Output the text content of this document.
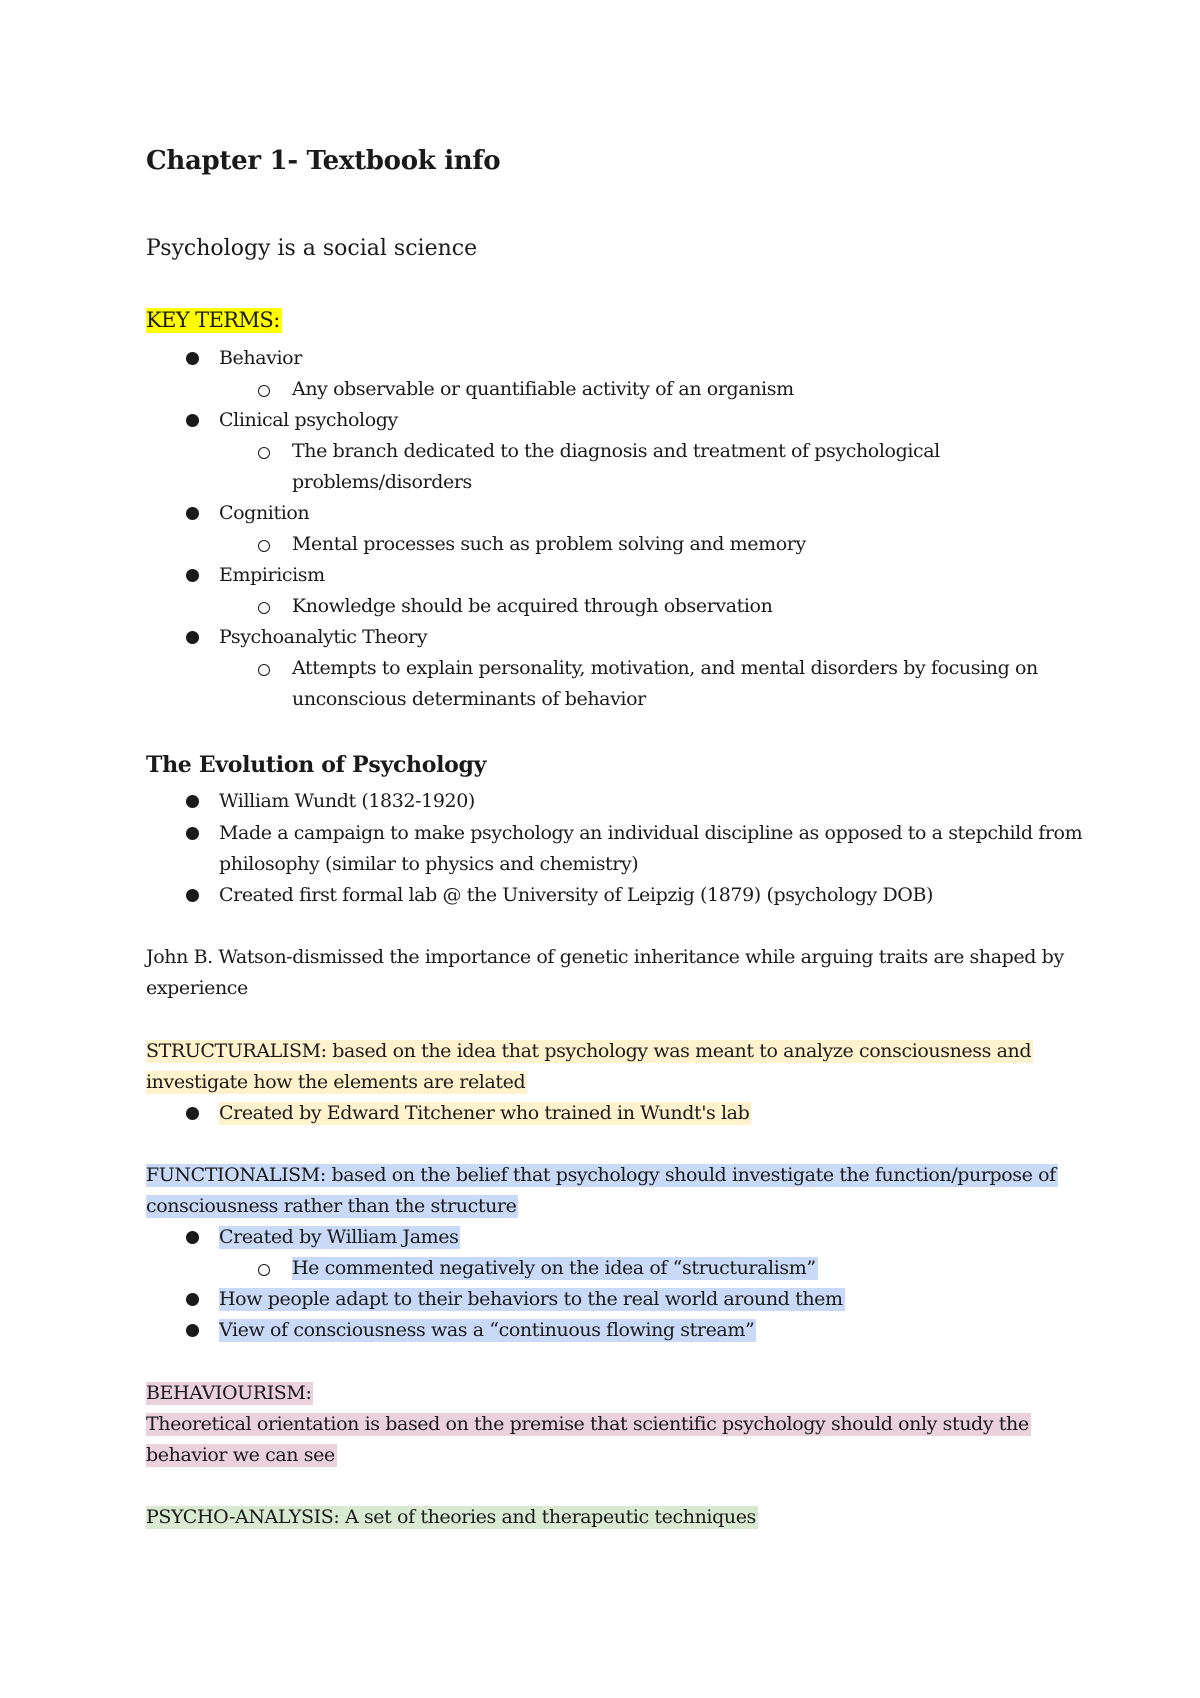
Chapter 1- Textbook info
Psychology is a social science
KEY TERMS:
Behavior
Any observable or quantifiable activity of an organism
Clinical psychology
The branch dedicated to the diagnosis and treatment of psychological
problems/disorders
Cognition
Mental processes such as problem solving and memory
Empiricism
Knowledge should be acquired through observation
Psychoanalytic Theory
Attempts to explain personality, motivation, and mental disorders by focusing on
unconscious determinants of behavior
The Evolution of Psychology
William Wundt (1832-1920)
Made a campaign to make psychology an individual discipline as opposed to a stepchild from
philosophy (similar to physics and chemistry)
Created first formal lab @ the University of Leipzig (1879) (psychology DOB)
John B. Watson-dismissed the importance of genetic inheritance while arguing traits are shaped by
experience
STRUCTURALISM: based on the idea that psychology was meant to analyze consciousness and
investigate how the elements are related
Created by Edward Titchener who trained in Wundt's lab
FUNCTIONALISM: based on the belief that psychology should investigate the function/purpose of
consciousness rather than the structure
Created by William James
He commented negatively on the idea of “structuralism”
How people adapt to their behaviors to the real world around them
View of consciousness was a “continuous flowing stream”
BEHAVIOURISM:
Theoretical orientation is based on the premise that scientific psychology should only study the
behavior we can see
PSYCHO-ANALYSIS: A set of theories and therapeutic techniques
